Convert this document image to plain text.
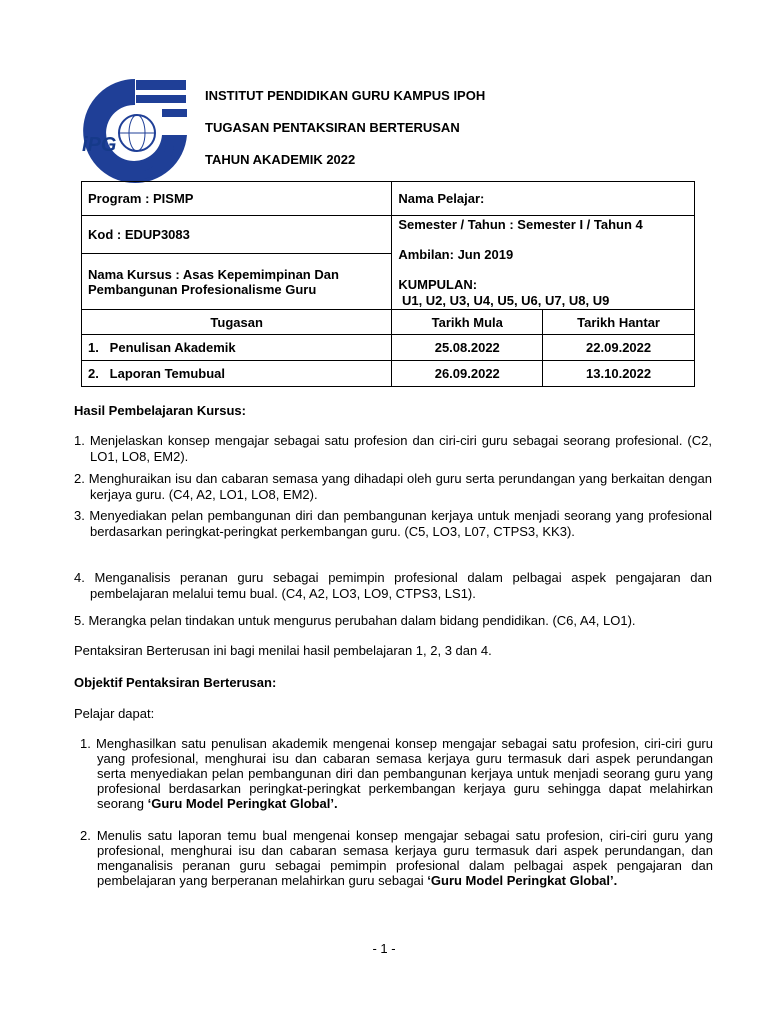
iPG
INSTITUT PENDIDIKAN GURU KAMPUS IPOH
TUGASAN PENTAKSIRAN BERTERUSAN
TAHUN AKADEMIK 2022
Program : PISMP	Nama Pelajar:	
Kod : EDUP3083	Semester / Tahun : Semester I / Tahun 4
Ambilan: Jun 2019
KUMPULAN:
U1, U2, U3, U4, U5, U6, U7, U8, U9	

Nama Kursus : Asas Kepemimpinan Dan
Pembangunan Profesionalisme Guru		

Tugasan	Tarikh Mula	Tarikh Hantar
1.   Penulisan Akademik	25.08.2022	22.09.2022
2.   Laporan Temubual	26.09.2022	13.10.2022
Hasil Pembelajaran Kursus:
1. Menjelaskan konsep mengajar sebagai satu profesion dan ciri-ciri guru sebagai seorang profesional. (C2, LO1, LO8, EM2).
2. Menghuraikan isu dan cabaran semasa yang dihadapi oleh guru serta perundangan yang berkaitan dengan kerjaya guru. (C4, A2, LO1, LO8, EM2).
3. Menyediakan pelan pembangunan diri dan pembangunan kerjaya untuk menjadi seorang yang profesional berdasarkan peringkat-peringkat perkembangan guru. (C5, LO3, L07, CTPS3, KK3).
4. Menganalisis peranan guru sebagai pemimpin profesional dalam pelbagai aspek pengajaran dan pembelajaran melalui temu bual. (C4, A2, LO3, LO9, CTPS3, LS1).
5. Merangka pelan tindakan untuk mengurus perubahan dalam bidang pendidikan. (C6, A4, LO1).
Pentaksiran Berterusan ini bagi menilai hasil pembelajaran 1, 2, 3 dan 4.
Objektif Pentaksiran Berterusan:
Pelajar dapat:
1. Menghasilkan satu penulisan akademik mengenai konsep mengajar sebagai satu profesion, ciri-ciri guru yang profesional, menghurai isu dan cabaran semasa kerjaya guru termasuk dari aspek perundangan serta menyediakan pelan pembangunan diri dan pembangunan kerjaya untuk menjadi seorang guru yang profesional berdasarkan peringkat-peringkat perkembangan kerjaya guru sehingga dapat melahirkan seorang ‘Guru Model Peringkat Global’.
2. Menulis satu laporan temu bual mengenai konsep mengajar sebagai satu profesion, ciri-ciri guru yang profesional, menghurai isu dan cabaran semasa kerjaya guru termasuk dari aspek perundangan, dan menganalisis peranan guru sebagai pemimpin profesional dalam pelbagai aspek pengajaran dan pembelajaran yang berperanan melahirkan guru sebagai ‘Guru Model Peringkat Global’.
- 1 -
